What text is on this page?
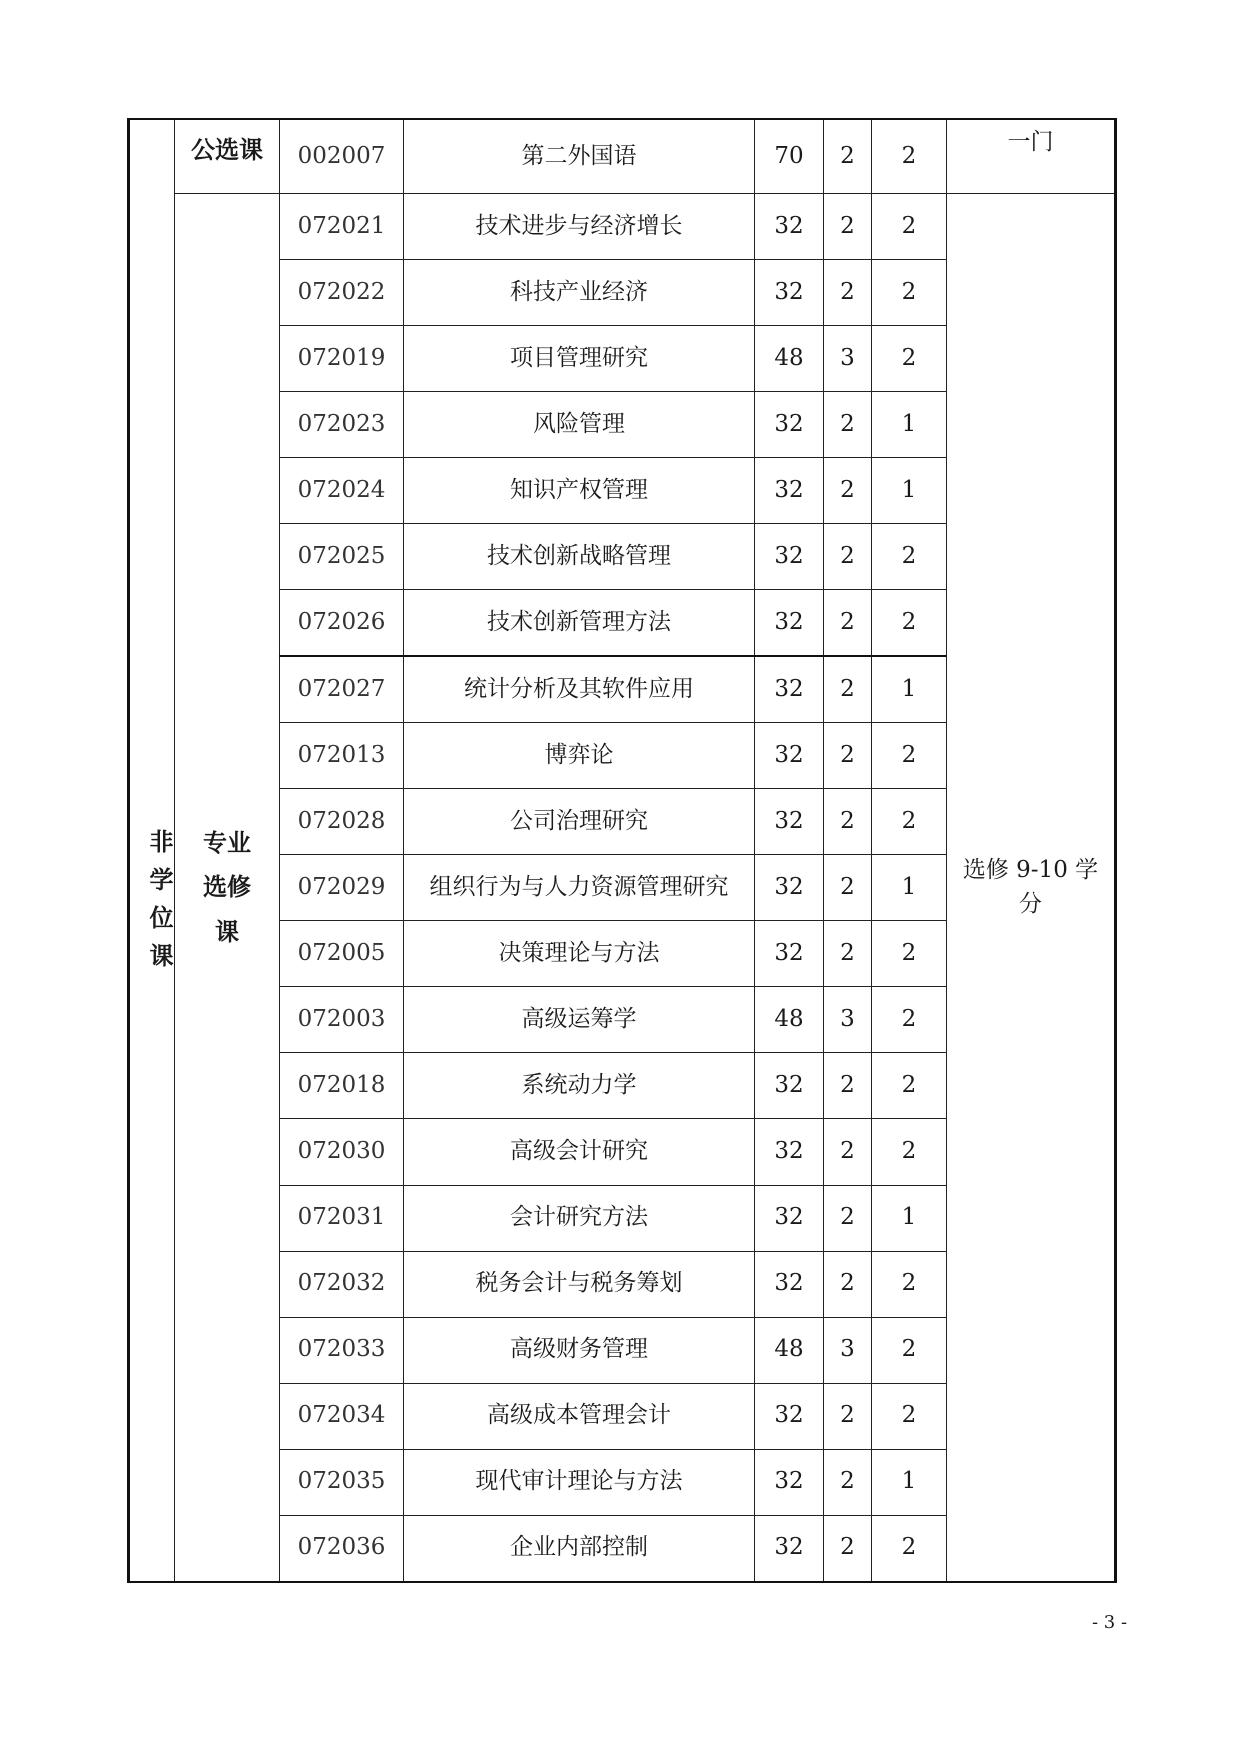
非学位课	公选课	002007	第二外国语	70	2	2	一门
	专业选修课	072021	技术进步与经济增长	32	2	2	选修 9-10 学分
		072022	科技产业经济	32	2	2	
		072019	项目管理研究	48	3	2	
		072023	风险管理	32	2	1	
		072024	知识产权管理	32	2	1	
		072025	技术创新战略管理	32	2	2	
		072026	技术创新管理方法	32	2	2	
		072027	统计分析及其软件应用	32	2	1	
		072013	博弈论	32	2	2	
		072028	公司治理研究	32	2	2	
		072029	组织行为与人力资源管理研究	32	2	1	
		072005	决策理论与方法	32	2	2	
		072003	高级运筹学	48	3	2	
		072018	系统动力学	32	2	2	
		072030	高级会计研究	32	2	2	
		072031	会计研究方法	32	2	1	
		072032	税务会计与税务筹划	32	2	2	
		072033	高级财务管理	48	3	2	
		072034	高级成本管理会计	32	2	2	
		072035	现代审计理论与方法	32	2	1	
		072036	企业内部控制	32	2	2	
- 3 -
